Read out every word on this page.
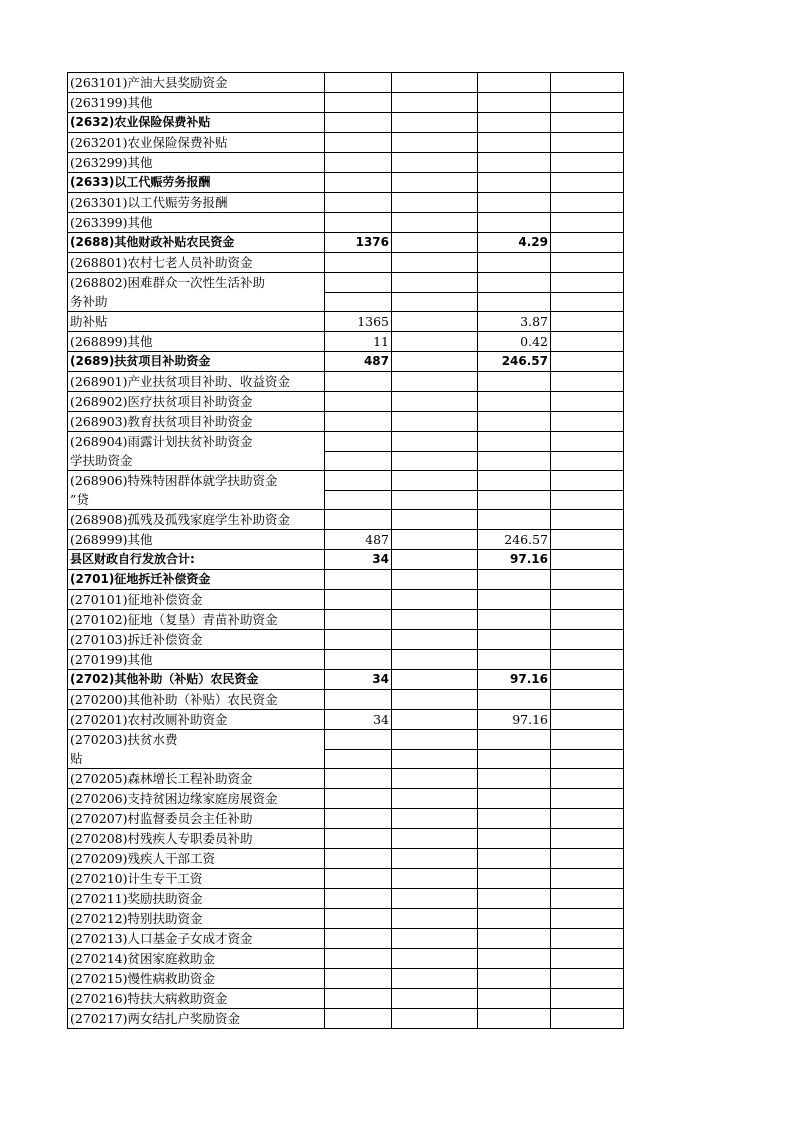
(263101)产油大县奖励资金				
(263199)其他				
(2632)农业保险保费补贴				
(263201)农业保险保费补贴				
(263299)其他				
(2633)以工代赈劳务报酬				
(263301)以工代赈劳务报酬				
(263399)其他				
(2688)其他财政补贴农民资金	1376		4.29	
(268801)农村七老人员补助资金				
(268802)困难群众一次性生活补助				
务补助				
助补贴	1365		3.87	
(268899)其他	11		0.42	
(2689)扶贫项目补助资金	487		246.57	
(268901)产业扶贫项目补助、收益资金				
(268902)医疗扶贫项目补助资金				
(268903)教育扶贫项目补助资金				
(268904)雨露计划扶贫补助资金				
学扶助资金				
(268906)特殊特困群体就学扶助资金				
”贷				
(268908)孤残及孤残家庭学生补助资金				
(268999)其他	487		246.57	
县区财政自行发放合计:	34		97.16	
(2701)征地拆迁补偿资金				
(270101)征地补偿资金				
(270102)征地（复垦）青苗补助资金				
(270103)拆迁补偿资金				
(270199)其他				
(2702)其他补助（补贴）农民资金	34		97.16	
(270200)其他补助（补贴）农民资金				
(270201)农村改厕补助资金	34		97.16	
(270203)扶贫水费				
贴				
(270205)森林增长工程补助资金				
(270206)支持贫困边缘家庭房展资金				
(270207)村监督委员会主任补助				
(270208)村残疾人专职委员补助				
(270209)残疾人干部工资				
(270210)计生专干工资				
(270211)奖励扶助资金				
(270212)特别扶助资金				
(270213)人口基金子女成才资金				
(270214)贫困家庭救助金				
(270215)慢性病救助资金				
(270216)特扶大病救助资金				
(270217)两女结扎户奖励资金				
